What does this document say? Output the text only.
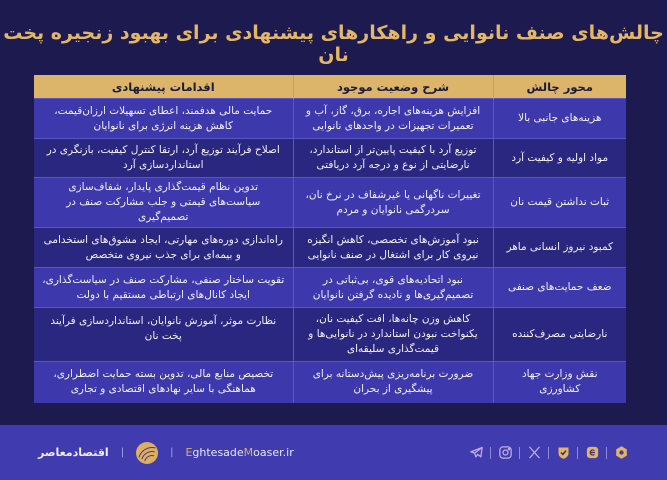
چالش‌های صنف نانوایی و راهکارهای پیشنهادی برای بهبود زنجیره پخت نان
محور چالش	شرح وضعیت موجود	اقدامات پیشنهادی
هزینه‌های جانبی بالا	افزایش هزینه‌های اجاره، برق، گاز، آب و تعمیرات تجهیزات در واحدهای نانوایی	حمایت مالی هدفمند، اعطای تسهیلات ارزان‌قیمت، کاهش هزینه انرژی برای نانوایان
مواد اولیه و کیفیت آرد	توزیع آرد با کیفیت پایین‌تر از استاندارد، نارضایتی از نوع و درجه آرد دریافتی	اصلاح فرآیند توزیع آرد، ارتقا کنترل کیفیت، بازنگری در استانداردسازی آرد
ثبات نداشتن قیمت نان	تغییرات ناگهانی یا غیرشفاف در نرخ نان، سردرگمی نانوایان و مردم	تدوین نظام قیمت‌گذاری پایدار، شفاف‌سازی سیاست‌های قیمتی و جلب مشارکت صنف در تصمیم‌گیری
کمبود نیروز انسانی ماهر	نبود آموزش‌های تخصصی، کاهش انگیزه نیروی کار برای اشتغال در صنف نانوایی	راه‌اندازی دوره‌های مهارتی، ایجاد مشوق‌های استخدامی و بیمه‌ای برای جذب نیروی متخصص
ضعف حمایت‌های صنفی	نبود اتحادیه‌های قوی، بی‌ثباتی در تصمیم‌گیری‌ها و نادیده گرفتن نانوایان	تقویت ساختار صنفی، مشارکت صنف در سیاست‌گذاری، ایجاد کانال‌های ارتباطی مستقیم با دولت
نارضایتی مصرف‌کننده	کاهش وزن چانه‌ها، افت کیفیت نان، یکنواخت نبودن استاندارد در نانوایی‌ها و قیمت‌گذاری سلیقه‌ای	نظارت موثر، آموزش نانوایان، استانداردسازی فرآیند پخت نان
نقش وزارت جهاد کشاورزی	ضرورت برنامه‌ریزی پیش‌دستانه برای پیشگیری از بحران	تخصیص منابع مالی، تدوین بسته حمایت اضطراری، هماهنگی با سایر نهادهای اقتصادی و تجاری
اقتصادمعاصر |	| EghtesadeMoaser.ir
